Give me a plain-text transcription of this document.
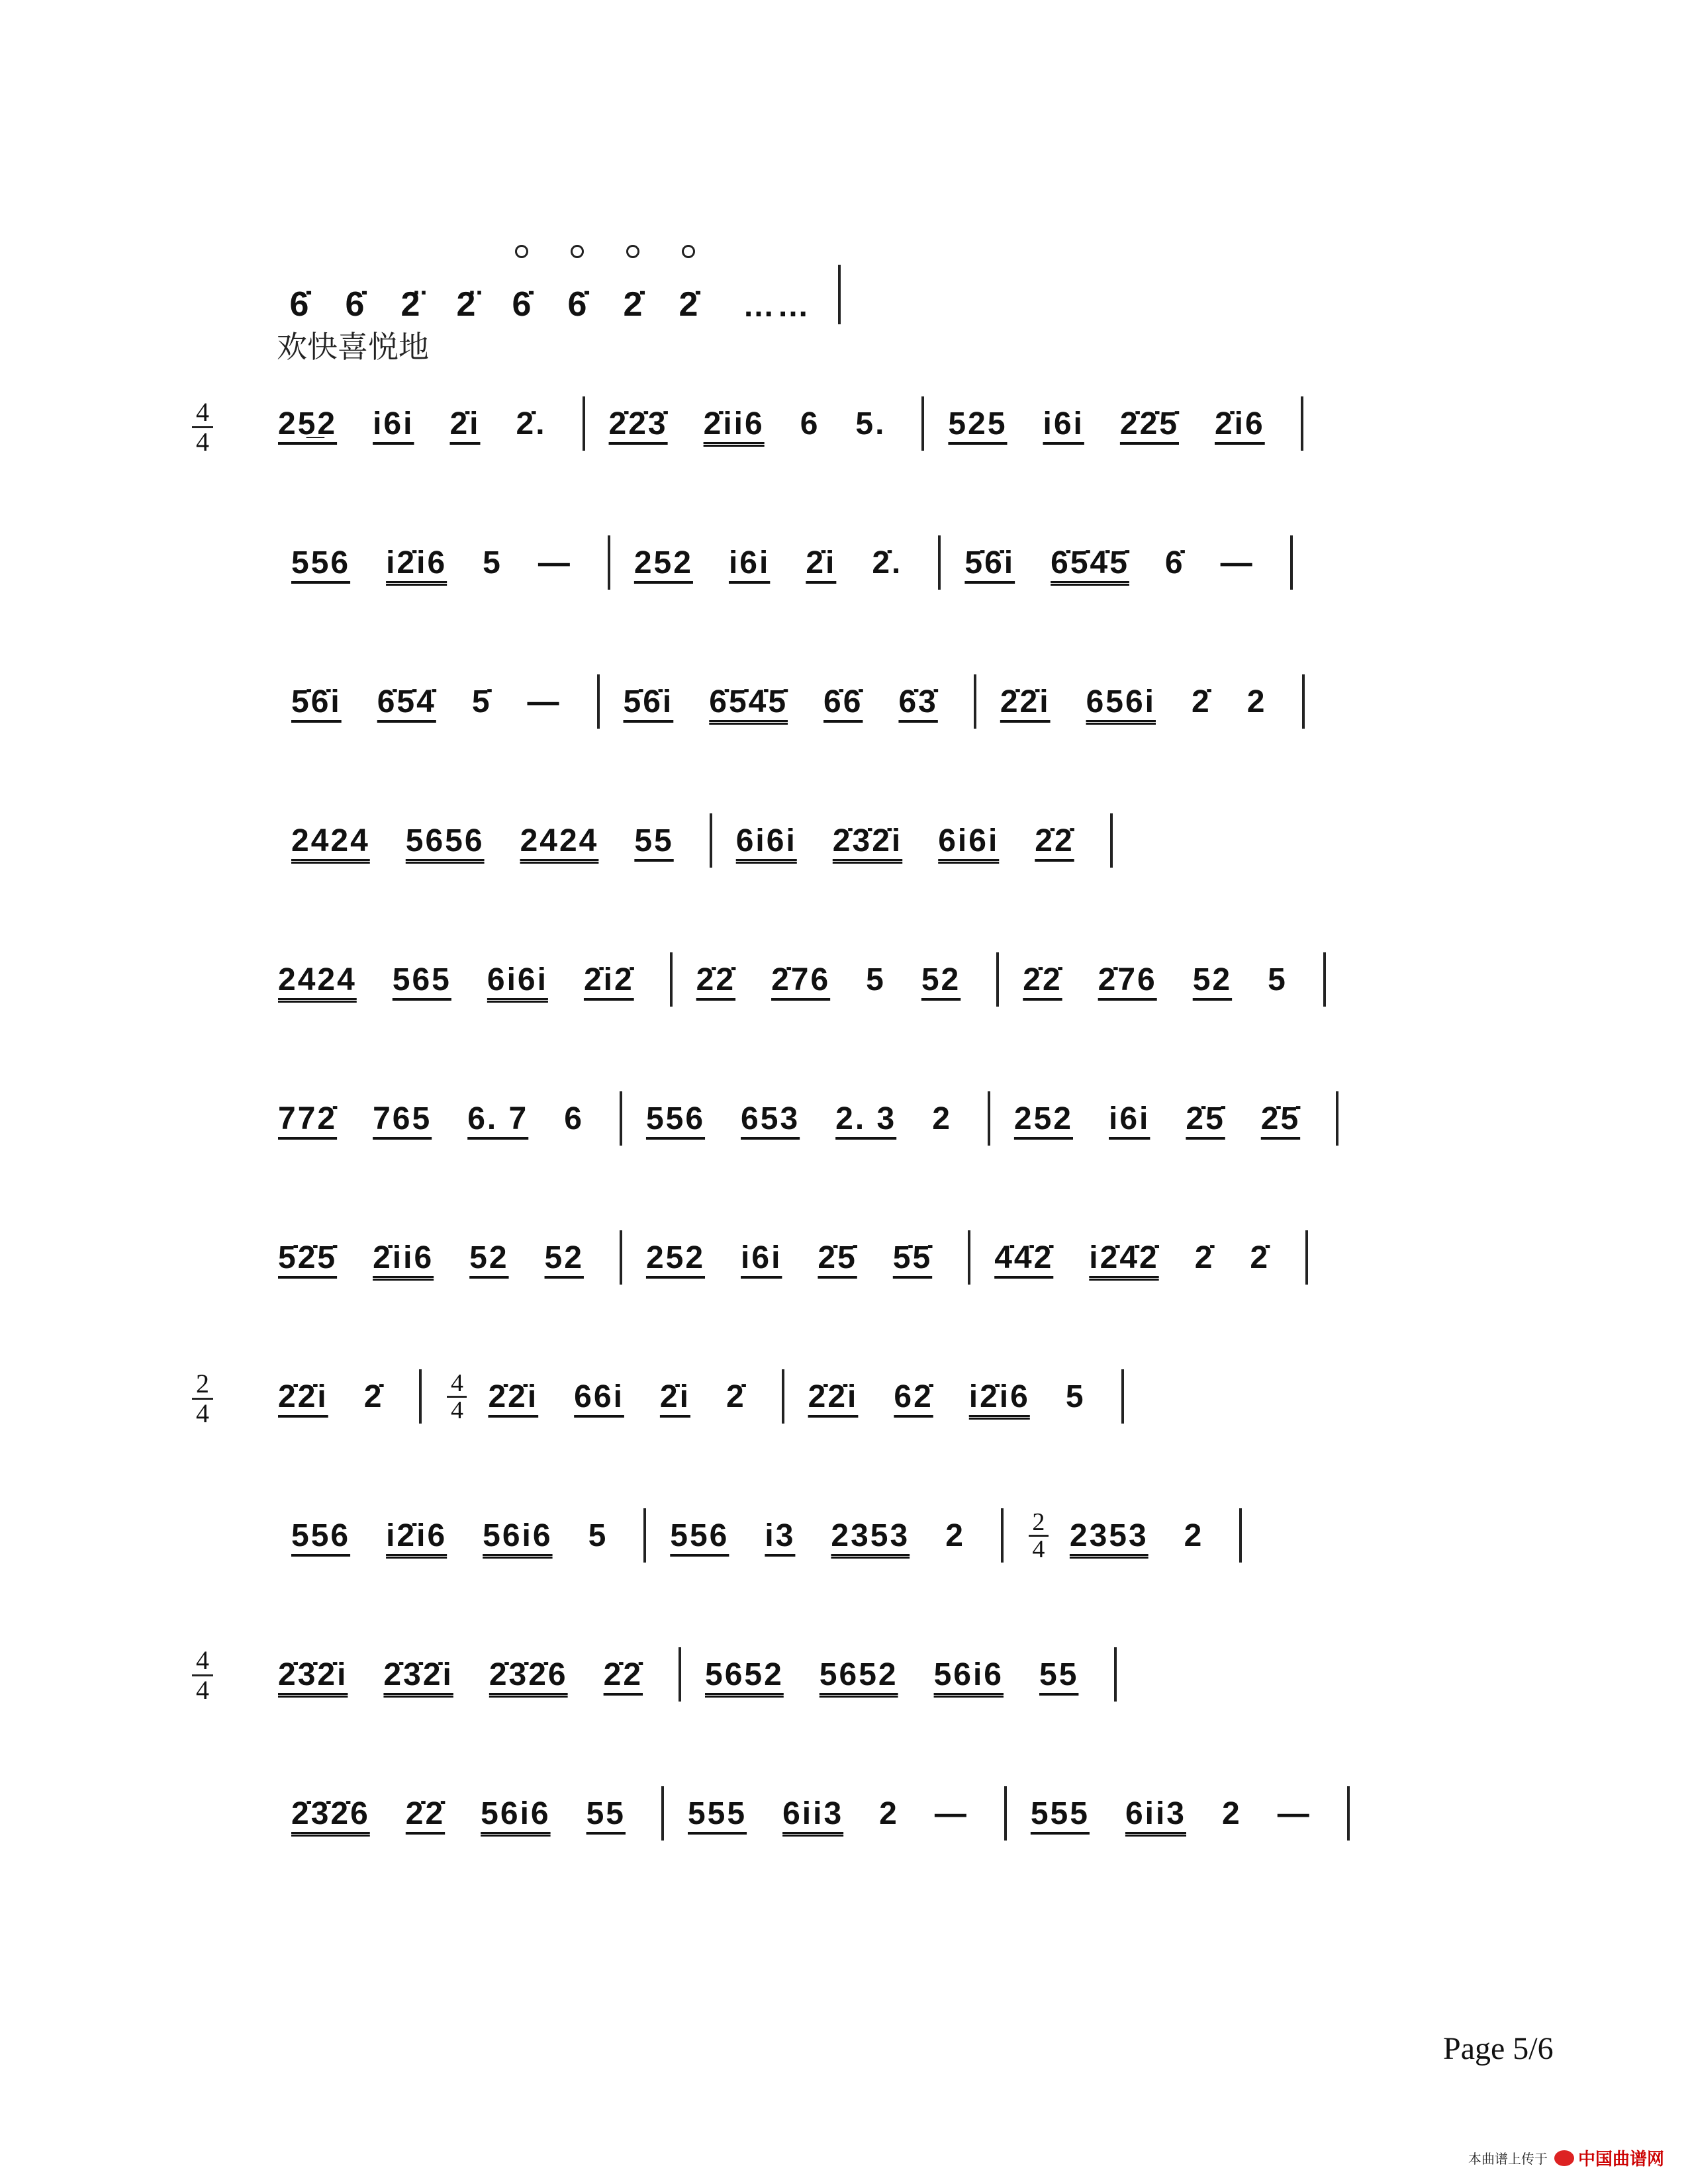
6̇	6̇	2̈	2̈	6̇	6̇	2̇	2̇	……
欢快喜悦地
4
4
2
4
4
4
25̲2 i6i 2̇i 2̇. 2̇2̇3̇ 2̇ii6 6 5. 525 i6i 2̇2̇5̇ 2̇i6
556 i2̇i6 5 — 252 i6i 2̇i 2̇. 5̇6̇i 6̇5̇4̇5̇ 6̇ —
5̇6̇i 6̇5̇4̇ 5̇ — 5̇6̇i 6̇5̇4̇5̇ 6̇6̇ 6̇3̇ 2̇2̇i 656i 2̇ 2
2424 5656 2424 55 6i6i 2̇3̇2̇i 6i6i 2̇2̇
2424 565 6i6i 2̇i2̇ 2̇2̇ 2̇76 5 52 2̇2̇ 2̇76 52 5
772̇ 765 6. 7 6 556 653 2. 3 2 252 i6i 2̇5̇ 2̇5̇
5̇2̇5̇ 2̇ii6 52 52 252 i6i 2̇5̇ 5̇5̇ 4̇4̇2̇ i2̇4̇2̇ 2̇ 2̇
2̇2̇i 2̇	4
4 2̇2̇i 66i 2̇i 2̇ 2̇2̇i 62̇ i2̇i6 5
556 i2̇i6 56i6 5 556 i3 2353 2	2
4 2353 2
2̇3̇2̇i 2̇3̇2̇i 2̇3̇2̇6 2̇2̇ 5652 5652 56i6 55
2̇3̇2̇6 2̇2̇ 56i6 55 555 6ii3 2 — 555 6ii3 2 —
Page 5/6
本曲谱上传于 中国曲谱网
